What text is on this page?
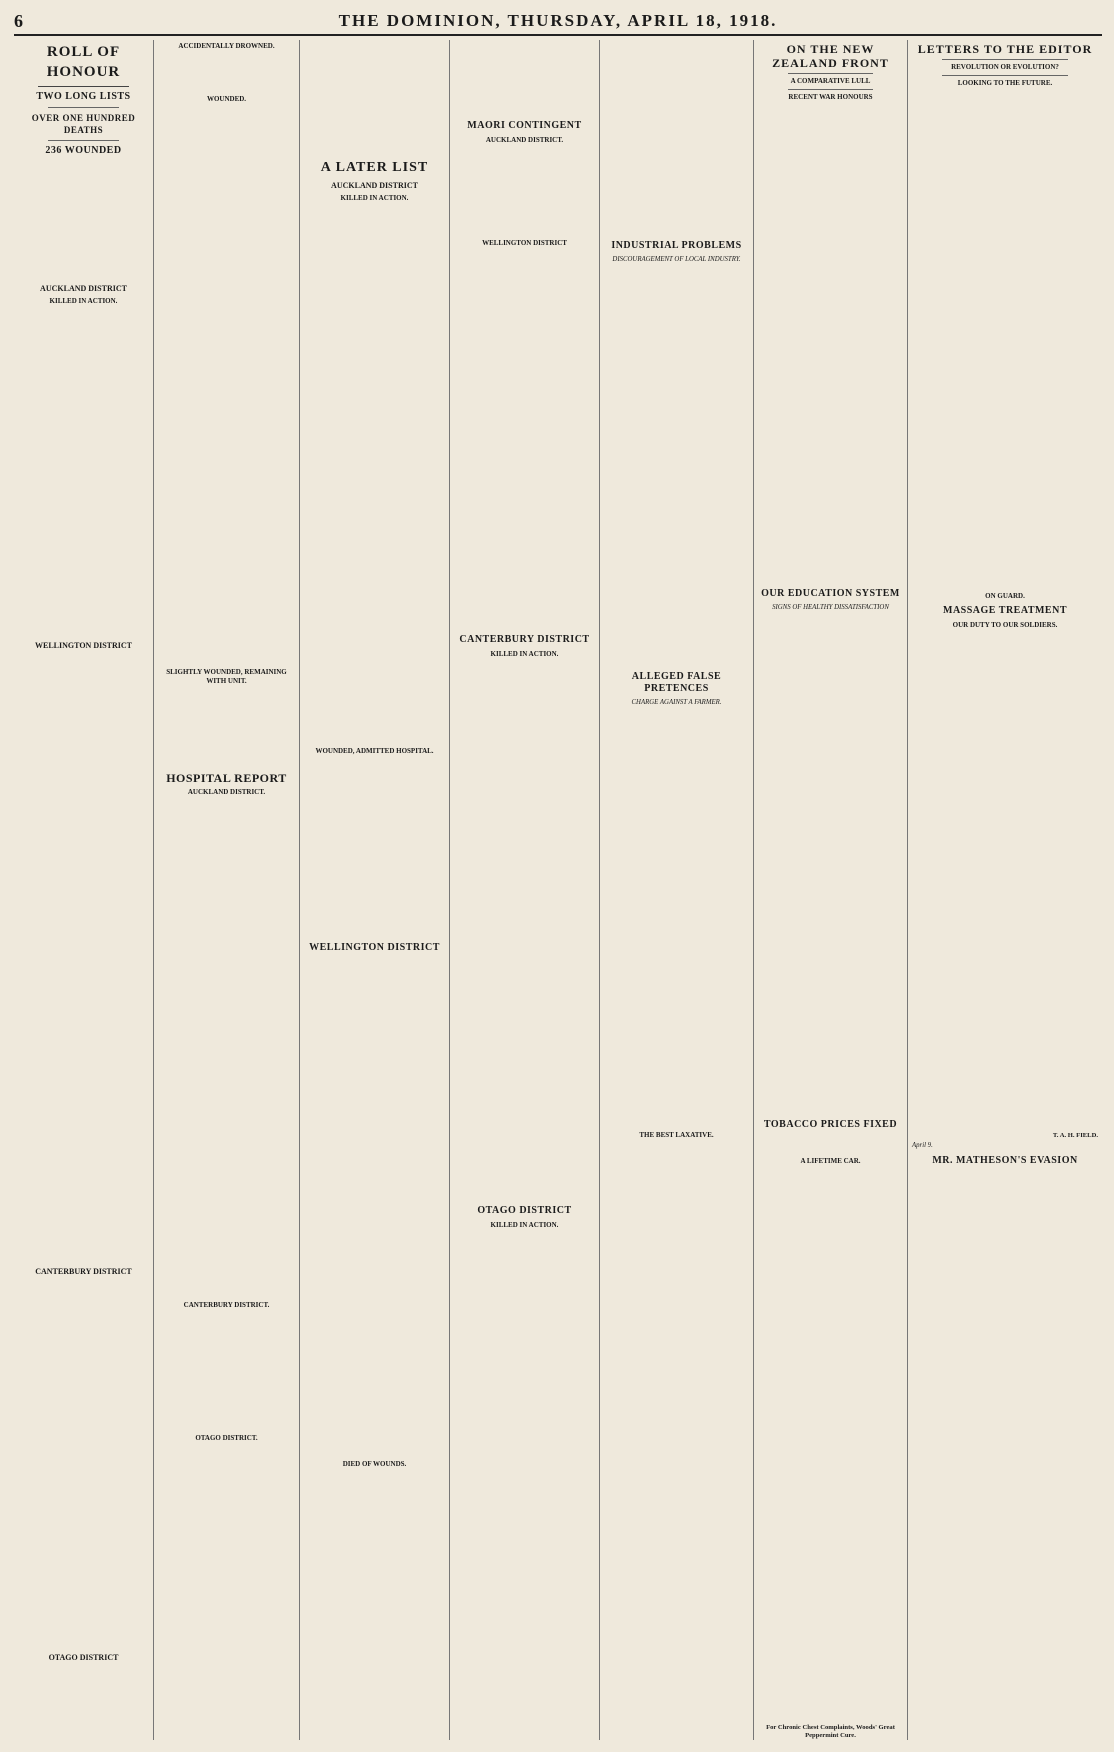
6	THE DOMINION, THURSDAY, APRIL 18, 1918.
ROLL OF HONOUR
TWO LONG LISTS
OVER ONE HUNDRED DEATHS
236 WOUNDED
AUCKLAND DISTRICT
KILLED IN ACTION.
WELLINGTON DISTRICT
CANTERBURY DISTRICT
OTAGO DISTRICT
ACCIDENTALLY DROWNED.
WOUNDED.
SLIGHTLY WOUNDED, REMAINING WITH UNIT.
HOSPITAL REPORT
AUCKLAND DISTRICT.
CANTERBURY DISTRICT.
OTAGO DISTRICT.
A LATER LIST
AUCKLAND DISTRICT
KILLED IN ACTION.
WOUNDED, ADMITTED HOSPITAL.
WELLINGTON DISTRICT
DIED OF WOUNDS.
MAORI CONTINGENT
AUCKLAND DISTRICT.
WELLINGTON DISTRICT
CANTERBURY DISTRICT
KILLED IN ACTION.
OTAGO DISTRICT
KILLED IN ACTION.
INDUSTRIAL PROBLEMS
DISCOURAGEMENT OF LOCAL INDUSTRY.
ALLEGED FALSE PRETENCES
CHARGE AGAINST A FARMER.
THE BEST LAXATIVE.
ON THE NEW ZEALAND FRONT
A COMPARATIVE LULL
RECENT WAR HONOURS
OUR EDUCATION SYSTEM
SIGNS OF HEALTHY DISSATISFACTION
TOBACCO PRICES FIXED
A LIFETIME CAR.
For Chronic Chest Complaints, Woods' Great Peppermint Cure.
LETTERS TO THE EDITOR
REVOLUTION OR EVOLUTION?
LOOKING TO THE FUTURE.
ON GUARD.
MASSAGE TREATMENT
OUR DUTY TO OUR SOLDIERS.
T. A. H. FIELD.
April 9.
MR. MATHESON'S EVASION
